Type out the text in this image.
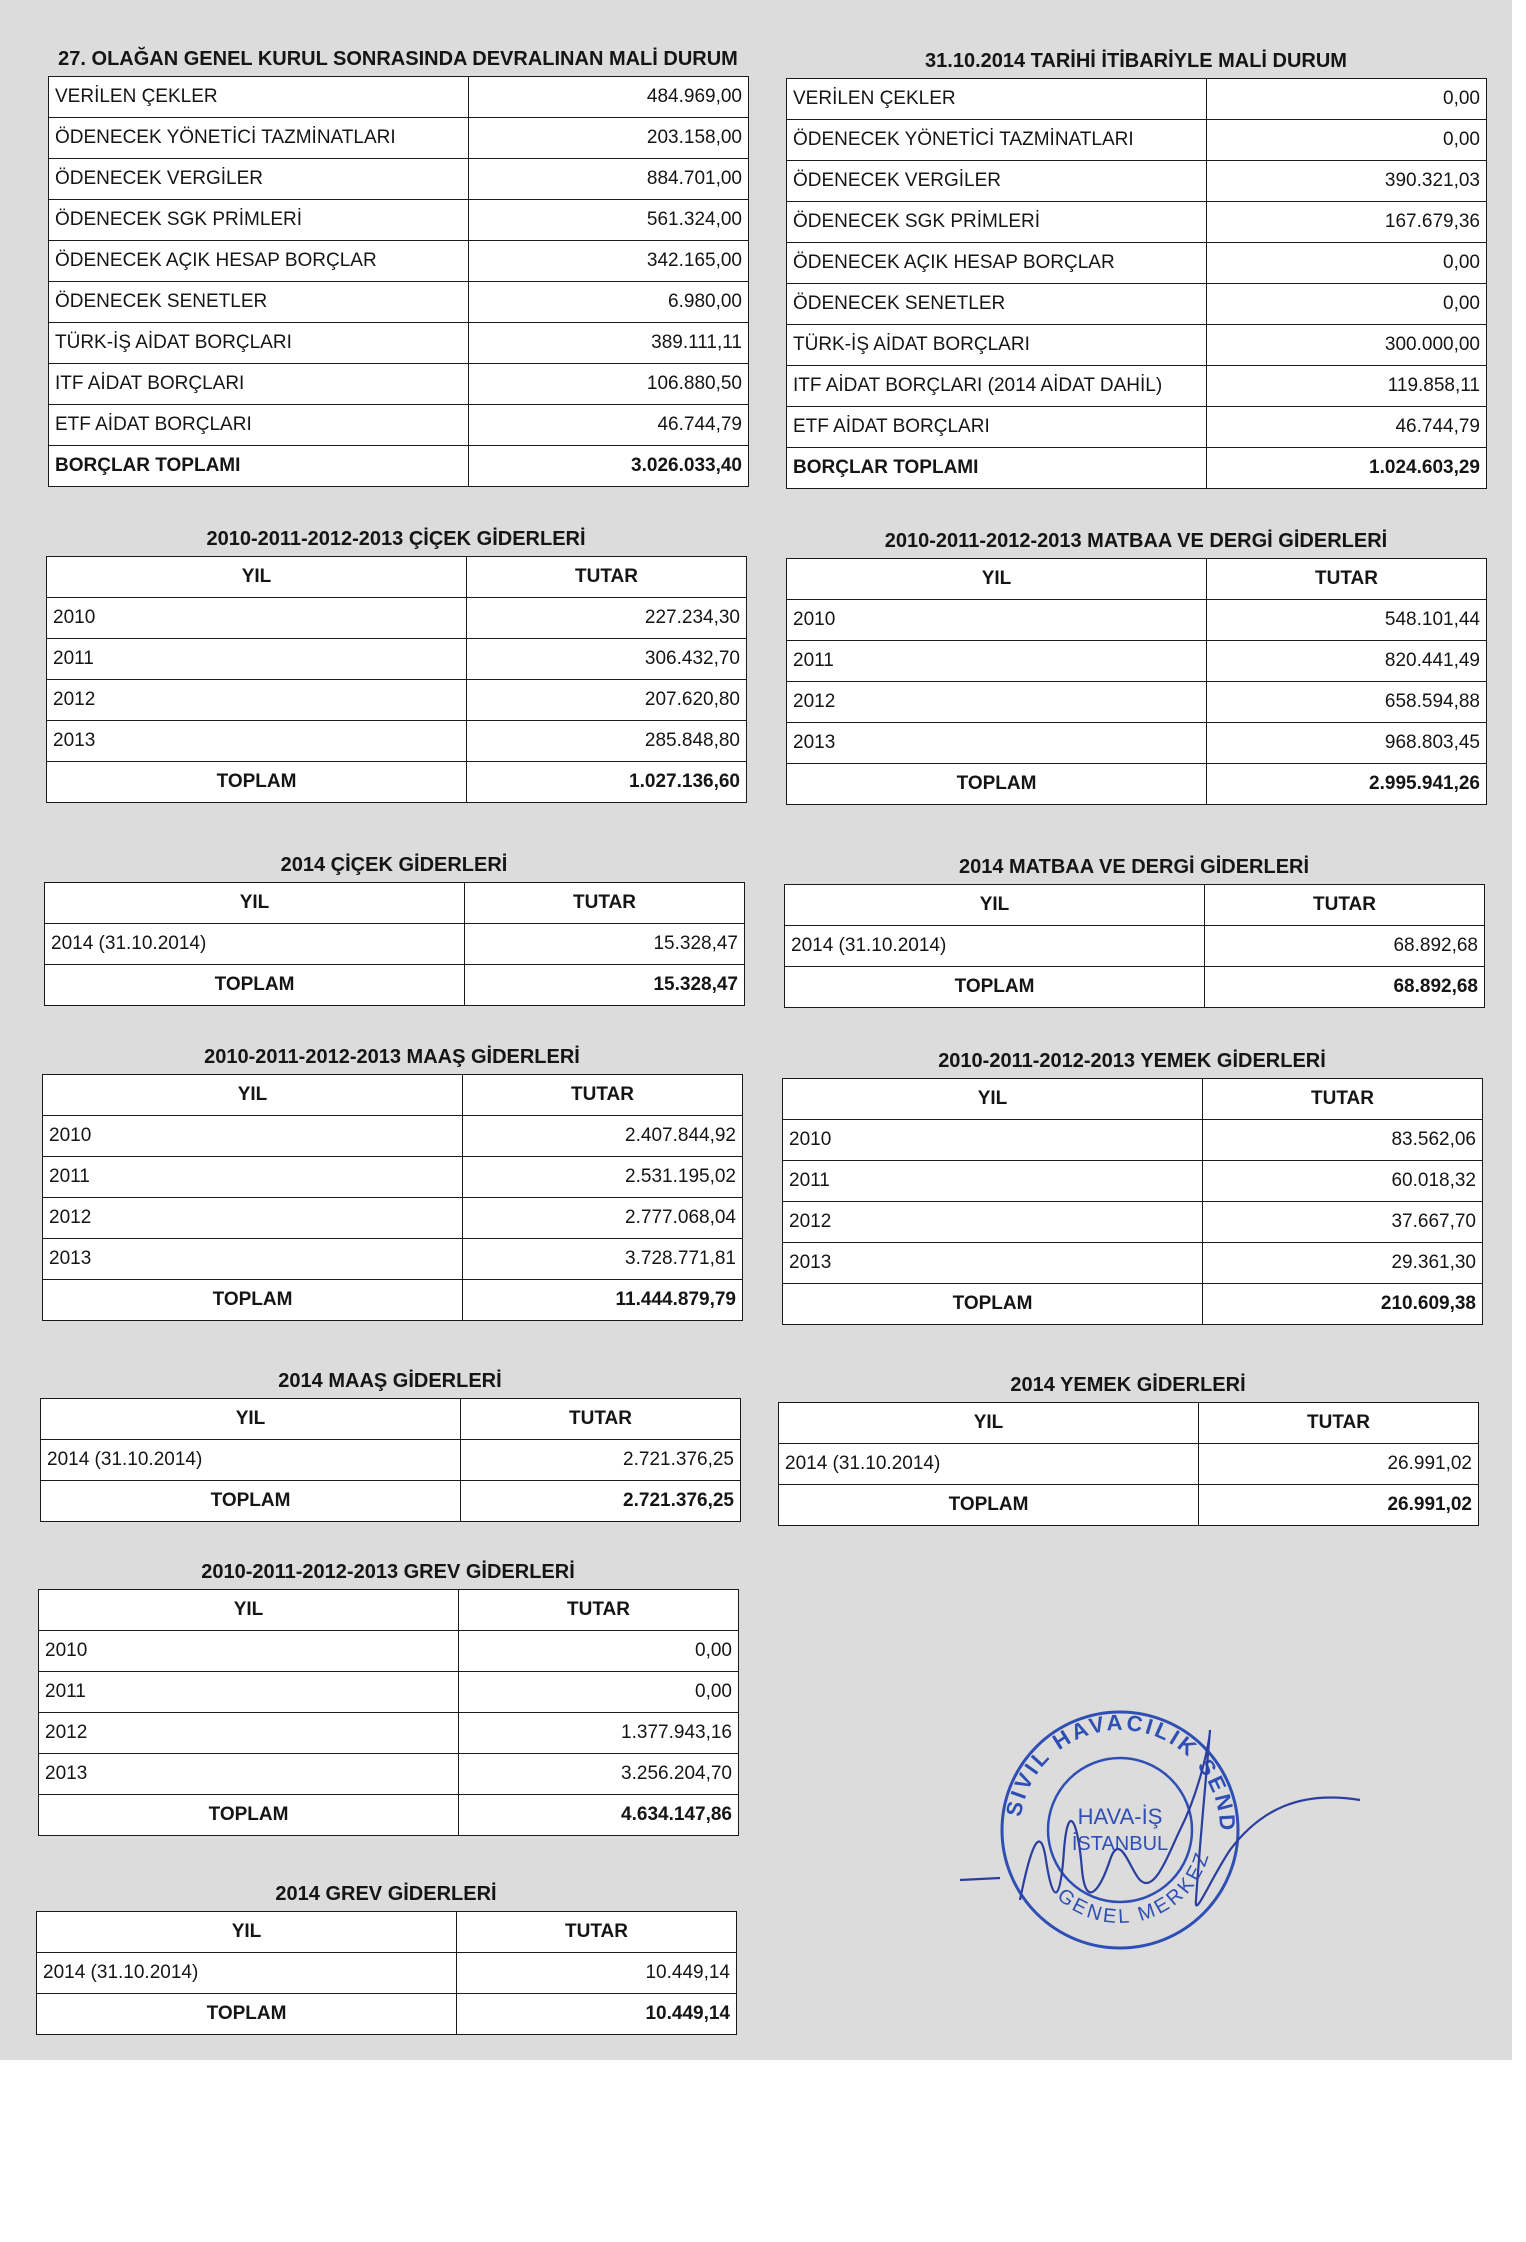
27. OLAĞAN GENEL KURUL SONRASINDA DEVRALINAN MALİ DURUM
VERİLEN ÇEKLER	484.969,00
ÖDENECEK YÖNETİCİ TAZMİNATLARI	203.158,00
ÖDENECEK VERGİLER	884.701,00
ÖDENECEK SGK PRİMLERİ	561.324,00
ÖDENECEK AÇIK HESAP BORÇLAR	342.165,00
ÖDENECEK SENETLER	6.980,00
TÜRK-İŞ AİDAT BORÇLARI	389.111,11
ITF AİDAT BORÇLARI	106.880,50
ETF AİDAT BORÇLARI	46.744,79
BORÇLAR TOPLAMI	3.026.033,40
31.10.2014 TARİHİ İTİBARİYLE MALİ DURUM
VERİLEN ÇEKLER	0,00
ÖDENECEK YÖNETİCİ TAZMİNATLARI	0,00
ÖDENECEK VERGİLER	390.321,03
ÖDENECEK SGK PRİMLERİ	167.679,36
ÖDENECEK AÇIK HESAP BORÇLAR	0,00
ÖDENECEK SENETLER	0,00
TÜRK-İŞ AİDAT BORÇLARI	300.000,00
ITF AİDAT BORÇLARI (2014 AİDAT DAHİL)	119.858,11
ETF AİDAT BORÇLARI	46.744,79
BORÇLAR TOPLAMI	1.024.603,29
2010-2011-2012-2013 ÇİÇEK GİDERLERİ
YIL	TUTAR
2010	227.234,30
2011	306.432,70
2012	207.620,80
2013	285.848,80
TOPLAM	1.027.136,60
2010-2011-2012-2013 MATBAA VE DERGİ GİDERLERİ
YIL	TUTAR
2010	548.101,44
2011	820.441,49
2012	658.594,88
2013	968.803,45
TOPLAM	2.995.941,26
2014 ÇİÇEK GİDERLERİ
YIL	TUTAR
2014 (31.10.2014)	15.328,47
TOPLAM	15.328,47
2014 MATBAA VE DERGİ GİDERLERİ
YIL	TUTAR
2014 (31.10.2014)	68.892,68
TOPLAM	68.892,68
2010-2011-2012-2013 MAAŞ GİDERLERİ
YIL	TUTAR
2010	2.407.844,92
2011	2.531.195,02
2012	2.777.068,04
2013	3.728.771,81
TOPLAM	11.444.879,79
2010-2011-2012-2013 YEMEK GİDERLERİ
YIL	TUTAR
2010	83.562,06
2011	60.018,32
2012	37.667,70
2013	29.361,30
TOPLAM	210.609,38
2014 MAAŞ GİDERLERİ
YIL	TUTAR
2014 (31.10.2014)	2.721.376,25
TOPLAM	2.721.376,25
2014 YEMEK GİDERLERİ
YIL	TUTAR
2014 (31.10.2014)	26.991,02
TOPLAM	26.991,02
2010-2011-2012-2013 GREV GİDERLERİ
YIL	TUTAR
2010	0,00
2011	0,00
2012	1.377.943,16
2013	3.256.204,70
TOPLAM	4.634.147,86
2014 GREV GİDERLERİ
YIL	TUTAR
2014 (31.10.2014)	10.449,14
TOPLAM	10.449,14
SİVİL HAVACILIK SEND
GENEL MERKEZ
HAVA-İŞ
İSTANBUL
